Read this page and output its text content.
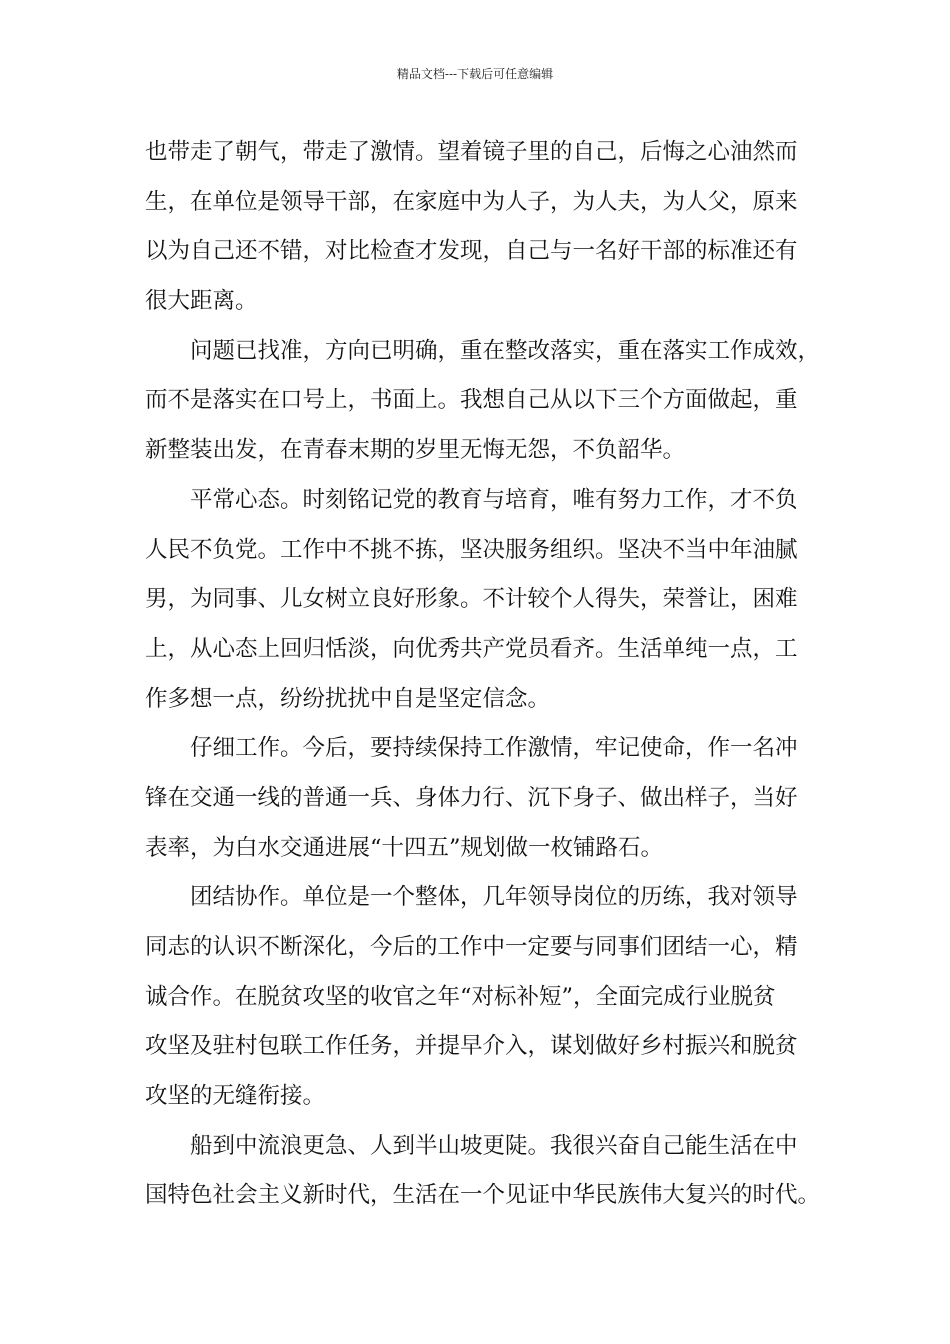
精品文档---下载后可任意编辑
也带走了朝气，带走了激情。望着镜子里的自己，后悔之心油然而
生，在单位是领导干部，在家庭中为人子，为人夫，为人父，原来
以为自己还不错，对比检查才发现，自己与一名好干部的标准还有
很大距离。
　　问题已找准，方向已明确，重在整改落实，重在落实工作成效，
而不是落实在口号上，书面上。我想自己从以下三个方面做起，重
新整装出发，在青春末期的岁里无悔无怨，不负韶华。
　　平常心态。时刻铭记党的教育与培育，唯有努力工作，才不负
人民不负党。工作中不挑不拣，坚决服务组织。坚决不当中年油腻
男，为同事、儿女树立良好形象。不计较个人得失，荣誉让，困难
上，从心态上回归恬淡，向优秀共产党员看齐。生活单纯一点，工
作多想一点，纷纷扰扰中自是坚定信念。
　　仔细工作。今后，要持续保持工作激情，牢记使命，作一名冲
锋在交通一线的普通一兵、身体力行、沉下身子、做出样子，当好
表率，为白水交通进展“十四五”规划做一枚铺路石。
　　团结协作。单位是一个整体，几年领导岗位的历练，我对领导
同志的认识不断深化，今后的工作中一定要与同事们团结一心，精
诚合作。在脱贫攻坚的收官之年“对标补短”，全面完成行业脱贫
攻坚及驻村包联工作任务，并提早介入，谋划做好乡村振兴和脱贫
攻坚的无缝衔接。
　　船到中流浪更急、人到半山坡更陡。我很兴奋自己能生活在中
国特色社会主义新时代，生活在一个见证中华民族伟大复兴的时代。
